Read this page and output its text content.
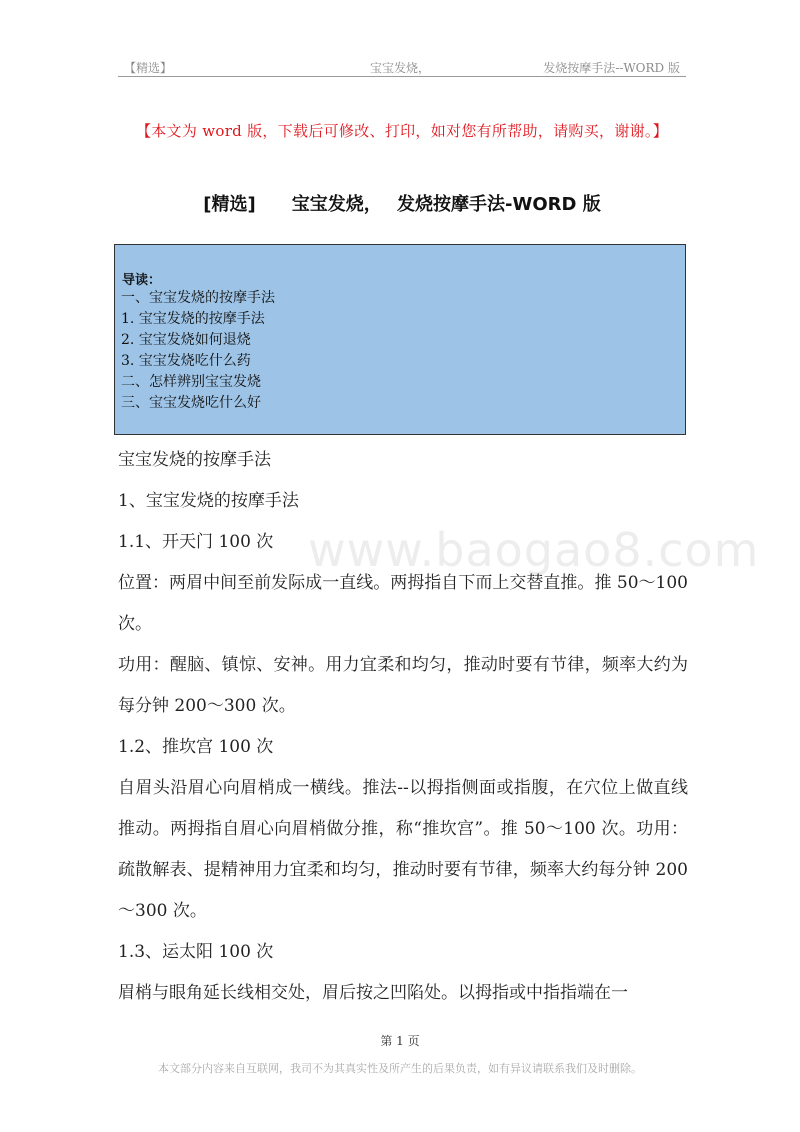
【精选】	宝宝发烧，	发烧按摩手法--WORD 版
【本文为 word 版，下载后可修改、打印，如对您有所帮助，请购买，谢谢。】
[精选]　　宝宝发烧，　 发烧按摩手法-WORD 版
导读：
一、宝宝发烧的按摩手法
1. 宝宝发烧的按摩手法
2. 宝宝发烧如何退烧
3. 宝宝发烧吃什么药
二、怎样辨别宝宝发烧
三、宝宝发烧吃什么好
www.baogao8.com

宝宝发烧的按摩手法

1、宝宝发烧的按摩手法

1.1、开天门 100 次

位置：两眉中间至前发际成一直线。两拇指自下而上交替直推。推 50～100 次。

功用：醒脑、镇惊、安神。用力宜柔和均匀，推动时要有节律，频率大约为每分钟 200～300 次。

1.2、推坎宫 100 次

自眉头沿眉心向眉梢成一横线。推法--以拇指侧面或指腹，在穴位上做直线推动。两拇指自眉心向眉梢做分推，称“推坎宫”。推 50～100 次。功用：疏散解表、提精神用力宜柔和均匀，推动时要有节律，频率大约每分钟 200～300 次。

1.3、运太阳 100 次

眉梢与眼角延长线相交处，眉后按之凹陷处。以拇指或中指指端在一

第 1 页
本文部分内容来自互联网，我司不为其真实性及所产生的后果负责，如有异议请联系我们及时删除。
